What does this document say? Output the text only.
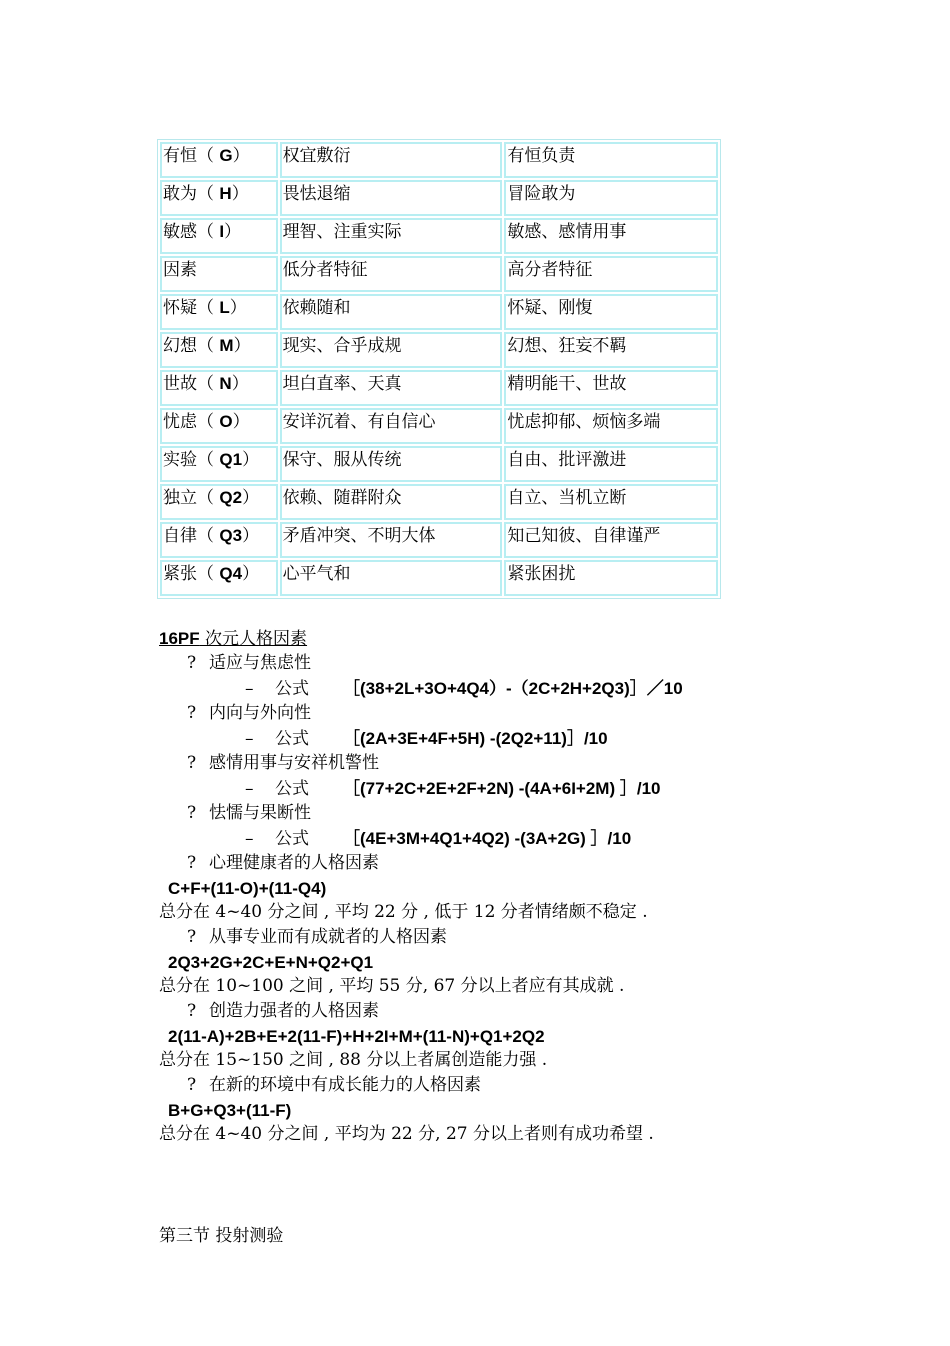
有恒（ G）	权宜敷衍	有恒负责
敢为（ H）	畏怯退缩	冒险敢为
敏感（ I）	理智、注重实际	敏感、感情用事
因素	低分者特征	高分者特征
怀疑（ L）	依赖随和	怀疑、刚愎
幻想（ M）	现实、合乎成规	幻想、狂妄不羁
世故（ N）	坦白直率、天真	精明能干、世故
忧虑（ O）	安详沉着、有自信心	忧虑抑郁、烦恼多端
实验（ Q1）	保守、服从传统	自由、批评激进
独立（ Q2）	依赖、随群附众	自立、当机立断
自律（ Q3）	矛盾冲突、不明大体	知己知彼、自律谨严
紧张（ Q4）	心平气和	紧张困扰
16PF 次元人格因素
? 适应与焦虑性
– 公式 ［(38+2L+3O+4Q4）-（2C+2H+2Q3)］／10
? 内向与外向性
– 公式 ［(2A+3E+4F+5H) -(2Q2+11)］/10
? 感情用事与安祥机警性
– 公式 ［(77+2C+2E+2F+2N) -(4A+6I+2M) ］/10
? 怯懦与果断性
– 公式 ［(4E+3M+4Q1+4Q2) -(3A+2G) ］/10
? 心理健康者的人格因素
C+F+(11-O)+(11-Q4)
总分在 4~40 分之间 , 平均 22 分 , 低于 12 分者情绪颇不稳定 .
? 从事专业而有成就者的人格因素
2Q3+2G+2C+E+N+Q2+Q1
总分在 10~100 之间 , 平均 55 分, 67 分以上者应有其成就 .
? 创造力强者的人格因素
2(11-A)+2B+E+2(11-F)+H+2I+M+(11-N)+Q1+2Q2
总分在 15~150 之间 , 88 分以上者属创造能力强 .
? 在新的环境中有成长能力的人格因素
B+G+Q3+(11-F)
总分在 4~40 分之间 , 平均为 22 分, 27 分以上者则有成功希望 .
第三节 投射测验
